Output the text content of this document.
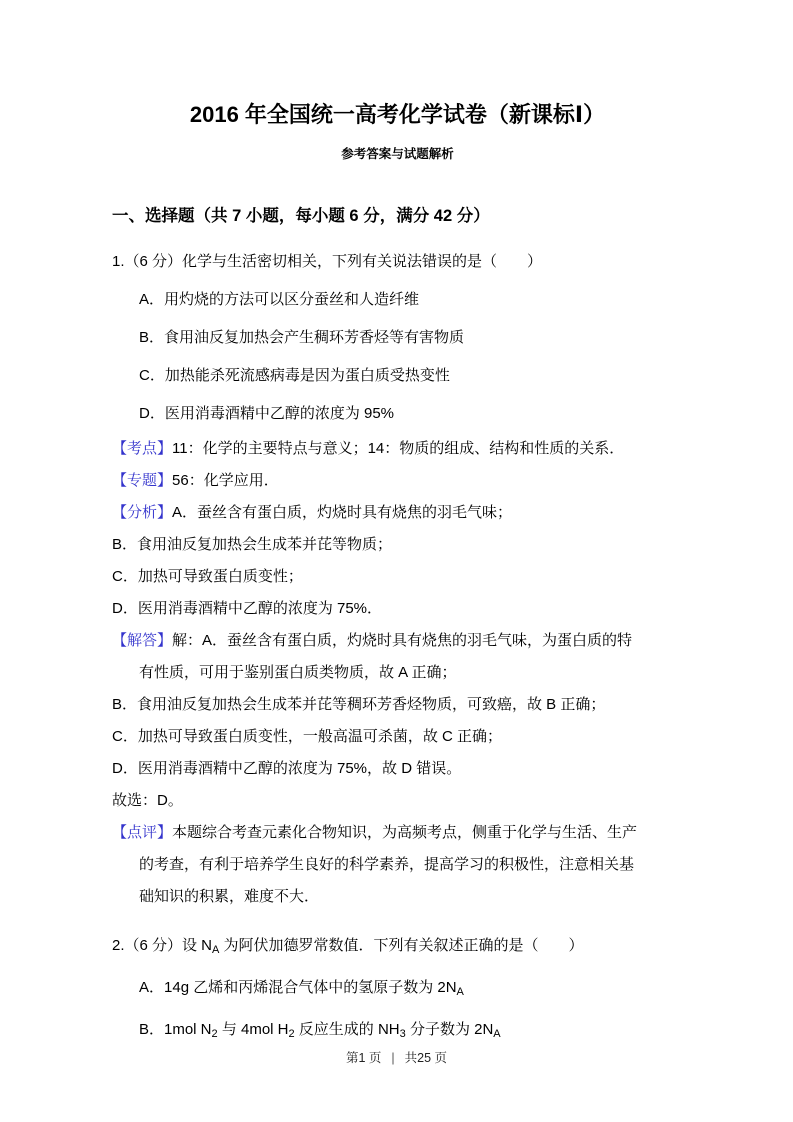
2016 年全国统一高考化学试卷（新课标Ⅰ）
参考答案与试题解析
一、选择题（共 7 小题，每小题 6 分，满分 42 分）
1.（6 分）化学与生活密切相关，下列有关说法错误的是（　　）
A．用灼烧的方法可以区分蚕丝和人造纤维
B．食用油反复加热会产生稠环芳香烃等有害物质
C．加热能杀死流感病毒是因为蛋白质受热变性
D．医用消毒酒精中乙醇的浓度为 95%
【考点】11：化学的主要特点与意义；14：物质的组成、结构和性质的关系．
【专题】56：化学应用．
【分析】A．蚕丝含有蛋白质，灼烧时具有烧焦的羽毛气味；
B．食用油反复加热会生成苯并芘等物质；
C．加热可导致蛋白质变性；
D．医用消毒酒精中乙醇的浓度为 75%．
【解答】解：A．蚕丝含有蛋白质，灼烧时具有烧焦的羽毛气味，为蛋白质的特
有性质，可用于鉴别蛋白质类物质，故 A 正确；
B．食用油反复加热会生成苯并芘等稠环芳香烃物质，可致癌，故 B 正确；
C．加热可导致蛋白质变性，一般高温可杀菌，故 C 正确；
D．医用消毒酒精中乙醇的浓度为 75%，故 D 错误。
故选：D。
【点评】本题综合考查元素化合物知识，为高频考点，侧重于化学与生活、生产
的考查，有利于培养学生良好的科学素养，提高学习的积极性，注意相关基
础知识的积累，难度不大．
2.（6 分）设 $N_A$ 为阿伏加德罗常数值．下列有关叙述正确的是（　　）
A．14g 乙烯和丙烯混合气体中的氢原子数为 $2N_A$
B．1mol $N_2$ 与 4mol $H_2$ 反应生成的 $NH_3$ 分子数为 $2N_A$
第1 页 | 共25 页
